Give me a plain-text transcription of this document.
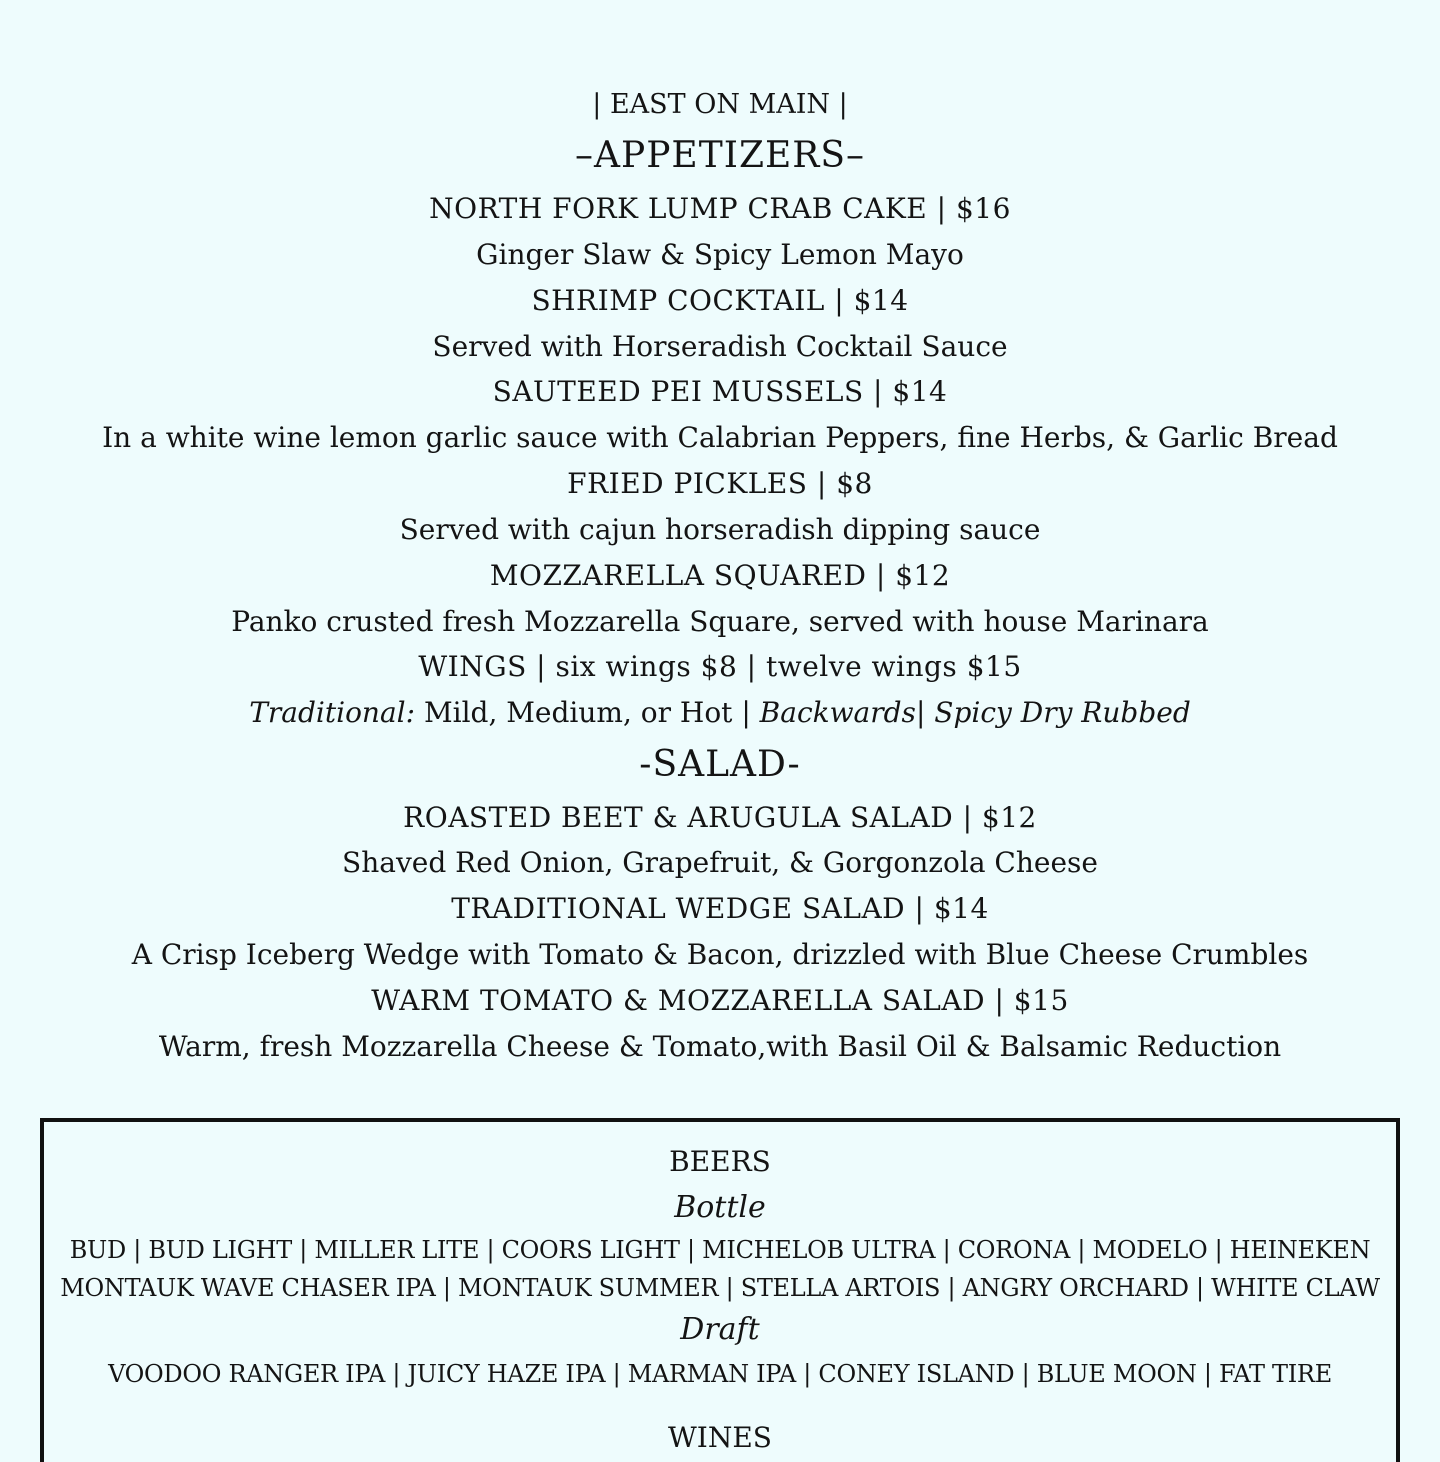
| EAST ON MAIN |
–APPETIZERS–
NORTH FORK LUMP CRAB CAKE | $16
Ginger Slaw & Spicy Lemon Mayo
SHRIMP COCKTAIL | $14
Served with Horseradish Cocktail Sauce
SAUTEED PEI MUSSELS | $14
In a white wine lemon garlic sauce with Calabrian Peppers, fine Herbs, & Garlic Bread
FRIED PICKLES | $8
Served with cajun horseradish dipping sauce
MOZZARELLA SQUARED | $12
Panko crusted fresh Mozzarella Square, served with house Marinara
WINGS | six wings $8 | twelve wings $15
Traditional: Mild, Medium, or Hot | Backwards| Spicy Dry Rubbed
-SALAD-
ROASTED BEET & ARUGULA SALAD | $12
Shaved Red Onion, Grapefruit, & Gorgonzola Cheese
TRADITIONAL WEDGE SALAD | $14
A Crisp Iceberg Wedge with Tomato & Bacon, drizzled with Blue Cheese Crumbles
WARM TOMATO & MOZZARELLA SALAD | $15
Warm, fresh Mozzarella Cheese & Tomato,with Basil Oil & Balsamic Reduction
BEERS
Bottle
BUD | BUD LIGHT | MILLER LITE | COORS LIGHT | MICHELOB ULTRA | CORONA | MODELO | HEINEKEN
MONTAUK WAVE CHASER IPA | MONTAUK SUMMER | STELLA ARTOIS | ANGRY ORCHARD | WHITE CLAW
Draft
VOODOO RANGER IPA | JUICY HAZE IPA | MARMAN IPA | CONEY ISLAND | BLUE MOON | FAT TIRE
WINES
